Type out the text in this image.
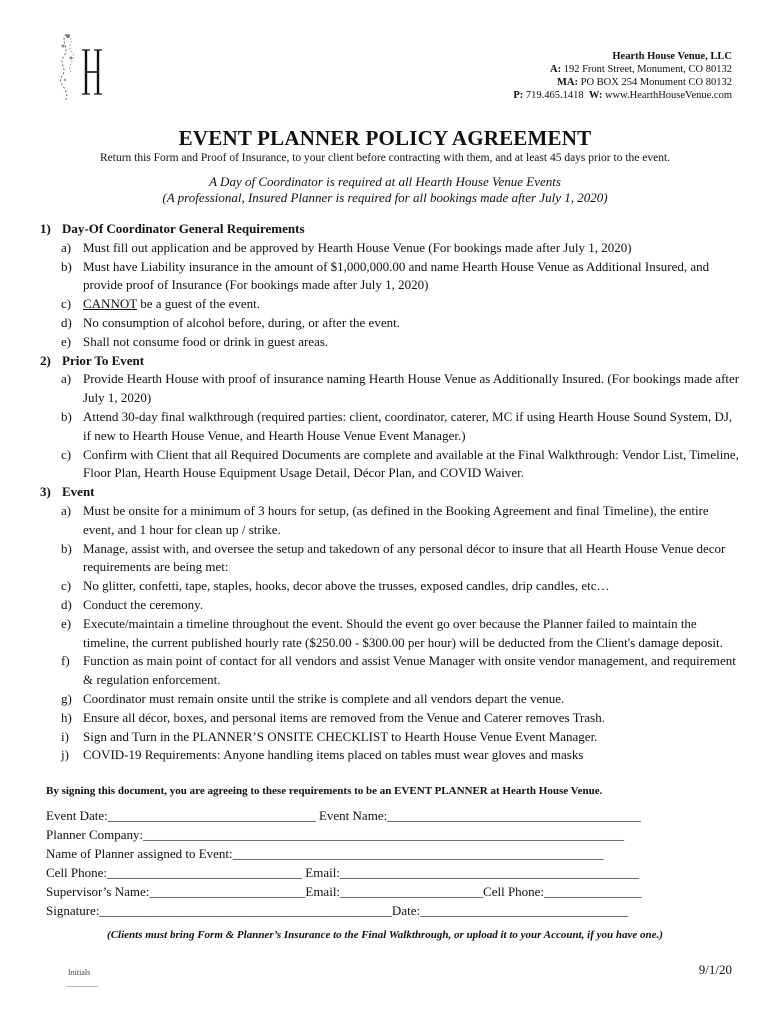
Hearth House Venue, LLC
A: 192 Front Street, Monument, CO 80132
MA: PO BOX 254 Monument CO 80132
P: 719.465.1418 W: www.HearthHouseVenue.com
EVENT PLANNER POLICY AGREEMENT
Return this Form and Proof of Insurance, to your client before contracting with them, and at least 45 days prior to the event.
A Day of Coordinator is required at all Hearth House Venue Events
(A professional, Insured Planner is required for all bookings made after July 1, 2020)
1) Day-Of Coordinator General Requirements
a) Must fill out application and be approved by Hearth House Venue (For bookings made after July 1, 2020)
b) Must have Liability insurance in the amount of $1,000,000.00 and name Hearth House Venue as Additional Insured, and provide proof of Insurance (For bookings made after July 1, 2020)
c) CANNOT be a guest of the event.
d) No consumption of alcohol before, during, or after the event.
e) Shall not consume food or drink in guest areas.
2) Prior To Event
a) Provide Hearth House with proof of insurance naming Hearth House Venue as Additionally Insured. (For bookings made after July 1, 2020)
b) Attend 30-day final walkthrough (required parties: client, coordinator, caterer, MC if using Hearth House Sound System, DJ, if new to Hearth House Venue, and Hearth House Venue Event Manager.)
c) Confirm with Client that all Required Documents are complete and available at the Final Walkthrough: Vendor List, Timeline, Floor Plan, Hearth House Equipment Usage Detail, Décor Plan, and COVID Waiver.
3) Event
a) Must be onsite for a minimum of 3 hours for setup, (as defined in the Booking Agreement and final Timeline), the entire event, and 1 hour for clean up / strike.
b) Manage, assist with, and oversee the setup and takedown of any personal décor to insure that all Hearth House Venue decor requirements are being met:
c) No glitter, confetti, tape, staples, hooks, decor above the trusses, exposed candles, drip candles, etc…
d) Conduct the ceremony.
e) Execute/maintain a timeline throughout the event. Should the event go over because the Planner failed to maintain the timeline, the current published hourly rate ($250.00 - $300.00 per hour) will be deducted from the Client's damage deposit.
f) Function as main point of contact for all vendors and assist Venue Manager with onsite vendor management, and requirement & regulation enforcement.
g) Coordinator must remain onsite until the strike is complete and all vendors depart the venue.
h) Ensure all décor, boxes, and personal items are removed from the Venue and Caterer removes Trash.
i) Sign and Turn in the PLANNER’S ONSITE CHECKLIST to Hearth House Venue Event Manager.
j) COVID-19 Requirements: Anyone handling items placed on tables must wear gloves and masks
By signing this document, you are agreeing to these requirements to be an EVENT PLANNER at Hearth House Venue.
Event Date:________________________________ Event Name:_______________________________________
Planner Company:__________________________________________________________________________
Name of Planner assigned to Event:_________________________________________________________
Cell Phone:______________________________ Email:______________________________________________
Supervisor’s Name:________________________Email:______________________Cell Phone:_______________
Signature:_____________________________________________Date:________________________________
(Clients must bring Form & Planner’s Insurance to the Final Walkthrough, or upload it to your Account, if you have one.)
Initials	9/1/20
